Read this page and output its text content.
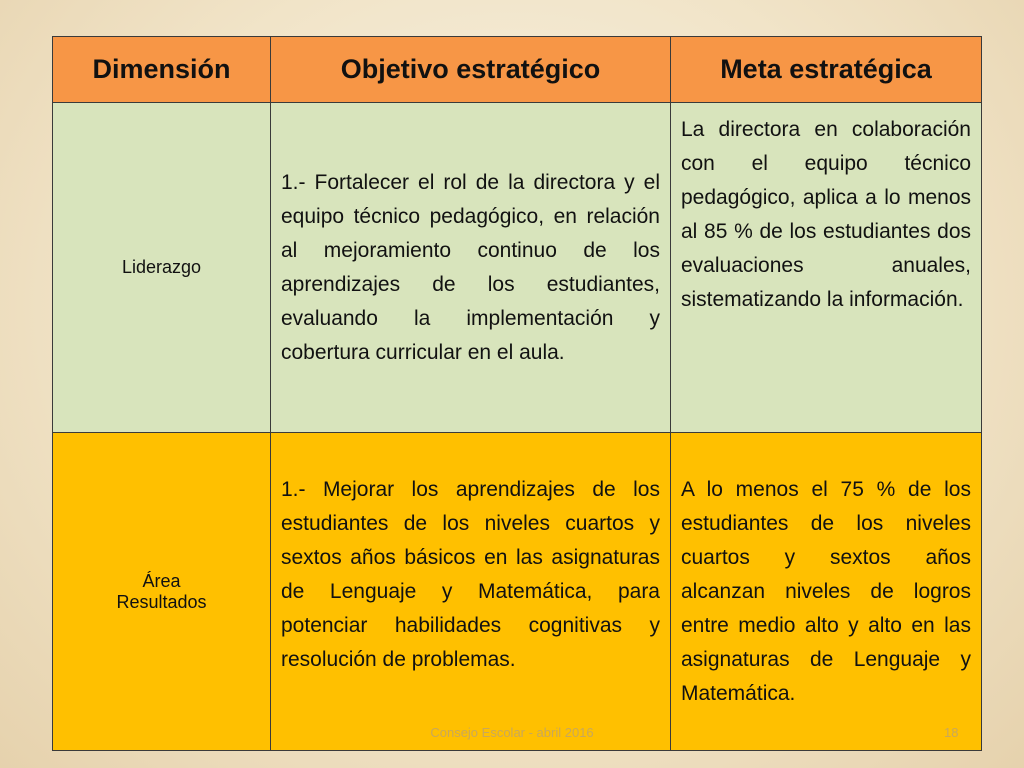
Dimensión	Objetivo estratégico	Meta estratégica
Liderazgo	1.- Fortalecer el rol de la directora y el equipo técnico pedagógico, en relación al mejoramiento continuo de los aprendizajes de los estudiantes, evaluando la implementación y cobertura curricular en el aula.	La directora en colaboración con el equipo técnico pedagógico, aplica a lo menos al 85 % de los estudiantes dos evaluaciones anuales, sistematizando la información.

Área
Resultados	1.- Mejorar los aprendizajes de los estudiantes de los niveles cuartos y sextos años básicos en las asignaturas de Lenguaje y Matemática, para potenciar habilidades cognitivas y resolución de problemas.	A lo menos el 75 % de los estudiantes de los niveles cuartos y sextos años alcanzan niveles de logros entre medio alto y alto en las asignaturas de Lenguaje y Matemática.
Consejo Escolar - abril 2016	18
